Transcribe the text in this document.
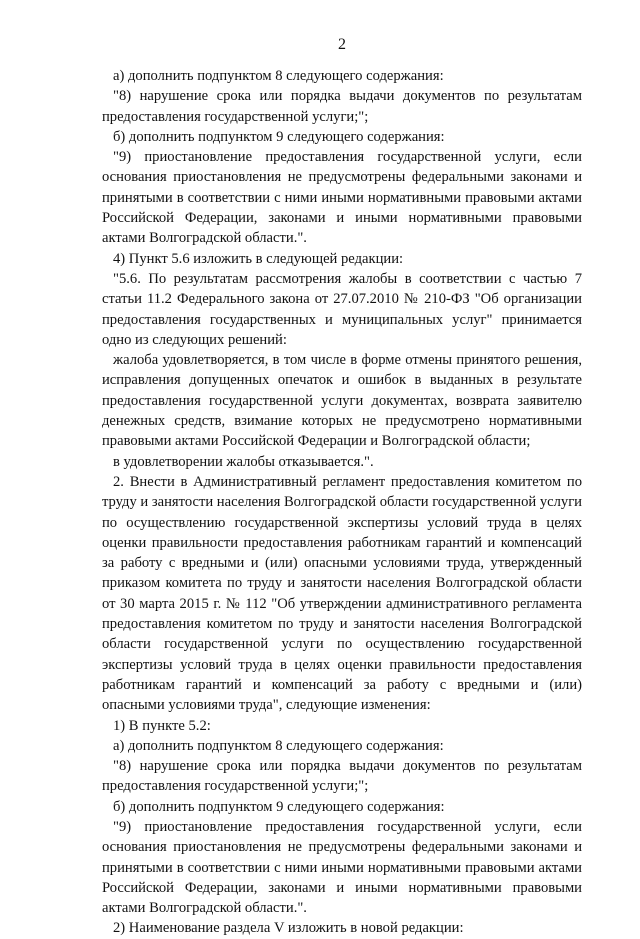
2

а) дополнить подпунктом 8 следующего содержания:

"8) нарушение срока или порядка выдачи документов по результатам предоставления государственной услуги;";

б) дополнить подпунктом 9 следующего содержания:

"9) приостановление предоставления государственной услуги, если основания приостановления не предусмотрены федеральными законами и принятыми в соответствии с ними иными нормативными правовыми актами Российской Федерации, законами и иными нормативными правовыми актами Волгоградской области.".

4) Пункт 5.6 изложить в следующей редакции:

"5.6. По результатам рассмотрения жалобы в соответствии с частью 7 статьи 11.2 Федерального закона от 27.07.2010 № 210-ФЗ "Об организации предоставления государственных и муниципальных услуг" принимается одно из следующих решений:

жалоба удовлетворяется, в том числе в форме отмены принятого решения, исправления допущенных опечаток и ошибок в выданных в результате предоставления государственной услуги документах, возврата заявителю денежных средств, взимание которых не предусмотрено нормативными правовыми актами Российской Федерации и Волгоградской области;

в удовлетворении жалобы отказывается.".

2. Внести в Административный регламент предоставления комитетом по труду и занятости населения Волгоградской области государственной услуги по осуществлению государственной экспертизы условий труда в целях оценки правильности предоставления работникам гарантий и компенсаций за работу с вредными и (или) опасными условиями труда, утвержденный приказом комитета по труду и занятости населения Волгоградской области от 30 марта 2015 г. № 112 "Об утверждении административного регламента предоставления комитетом по труду и занятости населения Волгоградской области государственной услуги по осуществлению государственной экспертизы условий труда в целях оценки правильности предоставления работникам гарантий и компенсаций за работу с вредными и (или) опасными условиями труда", следующие изменения:

1) В пункте 5.2:

а) дополнить подпунктом 8 следующего содержания:

"8) нарушение срока или порядка выдачи документов по результатам предоставления государственной услуги;";

б) дополнить подпунктом 9 следующего содержания:

"9) приостановление предоставления государственной услуги, если основания приостановления не предусмотрены федеральными законами и принятыми в соответствии с ними иными нормативными правовыми актами Российской Федерации, законами и иными нормативными правовыми актами Волгоградской области.".

2) Наименование раздела V изложить в новой редакции:
